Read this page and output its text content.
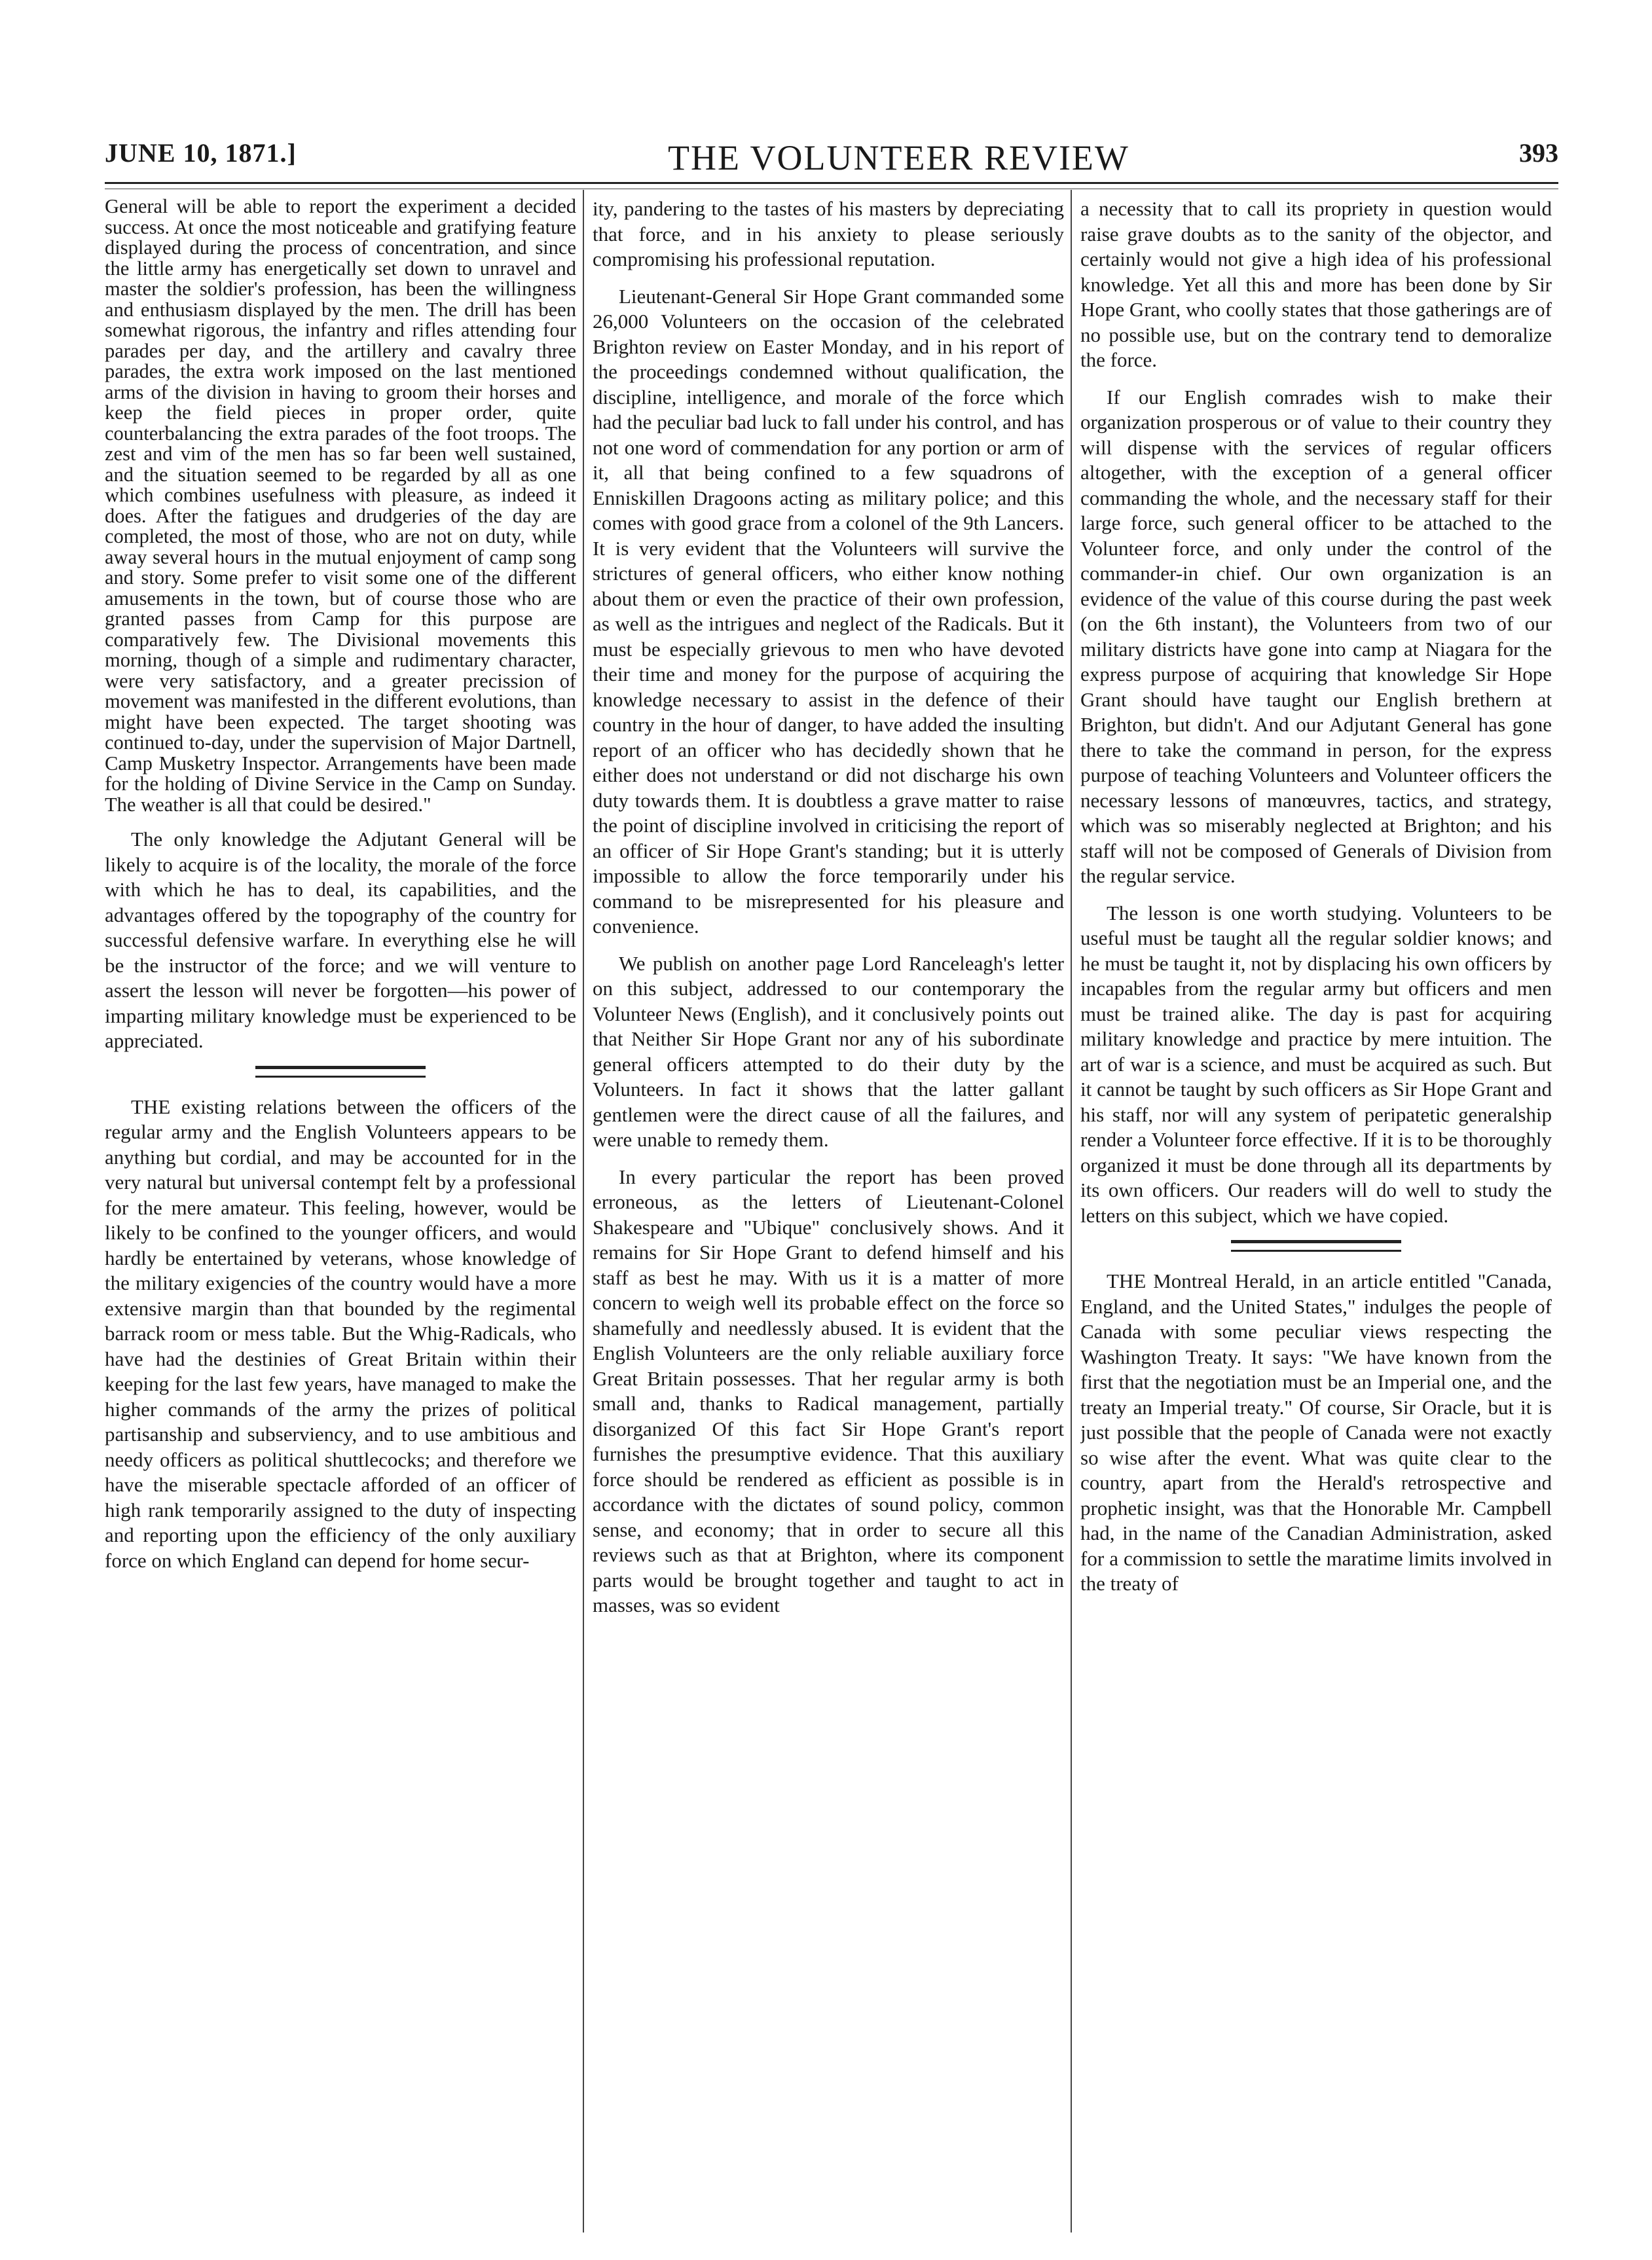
JUNE 10, 1871.]	THE VOLUNTEER REVIEW	393

General will be able to report the experiment a decided success. At once the most noticeable and gratifying feature displayed during the process of concentration, and since the little army has energetically set down to unravel and master the soldier's profession, has been the willingness and enthusiasm displayed by the men. The drill has been somewhat rigorous, the infantry and rifles attending four parades per day, and the artillery and cavalry three parades, the extra work imposed on the last mentioned arms of the division in having to groom their horses and keep the field pieces in proper order, quite counterbalancing the extra parades of the foot troops. The zest and vim of the men has so far been well sustained, and the situation seemed to be regarded by all as one which combines usefulness with pleasure, as indeed it does. After the fatigues and drudgeries of the day are completed, the most of those, who are not on duty, while away several hours in the mutual enjoyment of camp song and story. Some prefer to visit some one of the different amusements in the town, but of course those who are granted passes from Camp for this purpose are comparatively few. The Divisional movements this morning, though of a simple and rudimentary character, were very satisfactory, and a greater precission of movement was manifested in the different evolutions, than might have been expected. The target shooting was continued to-day, under the supervision of Major Dartnell, Camp Musketry Inspector. Arrangements have been made for the holding of Divine Service in the Camp on Sunday. The weather is all that could be desired."

The only knowledge the Adjutant General will be likely to acquire is of the locality, the morale of the force with which he has to deal, its capabilities, and the advantages offered by the topography of the country for successful defensive warfare. In everything else he will be the instructor of the force; and we will venture to assert the lesson will never be forgotten—his power of imparting military knowledge must be experienced to be appreciated.

THE existing relations between the officers of the regular army and the English Volunteers appears to be anything but cordial, and may be accounted for in the very natural but universal contempt felt by a professional for the mere amateur. This feeling, however, would be likely to be confined to the younger officers, and would hardly be entertained by veterans, whose knowledge of the military exigencies of the country would have a more extensive margin than that bounded by the regimental barrack room or mess table. But the Whig-Radicals, who have had the destinies of Great Britain within their keeping for the last few years, have managed to make the higher commands of the army the prizes of political partisanship and subserviency, and to use ambitious and needy officers as political shuttlecocks; and therefore we have the miserable spectacle afforded of an officer of high rank temporarily assigned to the duty of inspecting and reporting upon the efficiency of the only auxiliary force on which England can depend for home secur-

ity, pandering to the tastes of his masters by depreciating that force, and in his anxiety to please seriously compromising his professional reputation.

Lieutenant-General Sir Hope Grant commanded some 26,000 Volunteers on the occasion of the celebrated Brighton review on Easter Monday, and in his report of the proceedings condemned without qualification, the discipline, intelligence, and morale of the force which had the peculiar bad luck to fall under his control, and has not one word of commendation for any portion or arm of it, all that being confined to a few squadrons of Enniskillen Dragoons acting as military police; and this comes with good grace from a colonel of the 9th Lancers. It is very evident that the Volunteers will survive the strictures of general officers, who either know nothing about them or even the practice of their own profession, as well as the intrigues and neglect of the Radicals. But it must be especially grievous to men who have devoted their time and money for the purpose of acquiring the knowledge necessary to assist in the defence of their country in the hour of danger, to have added the insulting report of an officer who has decidedly shown that he either does not understand or did not discharge his own duty towards them. It is doubtless a grave matter to raise the point of discipline involved in criticising the report of an officer of Sir Hope Grant's standing; but it is utterly impossible to allow the force temporarily under his command to be misrepresented for his pleasure and convenience.

We publish on another page Lord Ranceleagh's letter on this subject, addressed to our contemporary the Volunteer News (English), and it conclusively points out that Neither Sir Hope Grant nor any of his subordinate general officers attempted to do their duty by the Volunteers. In fact it shows that the latter gallant gentlemen were the direct cause of all the failures, and were unable to remedy them.

In every particular the report has been proved erroneous, as the letters of Lieutenant-Colonel Shakespeare and "Ubique" conclusively shows. And it remains for Sir Hope Grant to defend himself and his staff as best he may. With us it is a matter of more concern to weigh well its probable effect on the force so shamefully and needlessly abused. It is evident that the English Volunteers are the only reliable auxiliary force Great Britain possesses. That her regular army is both small and, thanks to Radical management, partially disorganized Of this fact Sir Hope Grant's report furnishes the presumptive evidence. That this auxiliary force should be rendered as efficient as possible is in accordance with the dictates of sound policy, common sense, and economy; that in order to secure all this reviews such as that at Brighton, where its component parts would be brought together and taught to act in masses, was so evident

a necessity that to call its propriety in question would raise grave doubts as to the sanity of the objector, and certainly would not give a high idea of his professional knowledge. Yet all this and more has been done by Sir Hope Grant, who coolly states that those gatherings are of no possible use, but on the contrary tend to demoralize the force.

If our English comrades wish to make their organization prosperous or of value to their country they will dispense with the services of regular officers altogether, with the exception of a general officer commanding the whole, and the necessary staff for their large force, such general officer to be attached to the Volunteer force, and only under the control of the commander-in chief. Our own organization is an evidence of the value of this course during the past week (on the 6th instant), the Volunteers from two of our military districts have gone into camp at Niagara for the express purpose of acquiring that knowledge Sir Hope Grant should have taught our English brethern at Brighton, but didn't. And our Adjutant General has gone there to take the command in person, for the express purpose of teaching Volunteers and Volunteer officers the necessary lessons of manœuvres, tactics, and strategy, which was so miserably neglected at Brighton; and his staff will not be composed of Generals of Division from the regular service.

The lesson is one worth studying. Volunteers to be useful must be taught all the regular soldier knows; and he must be taught it, not by displacing his own officers by incapables from the regular army but officers and men must be trained alike. The day is past for acquiring military knowledge and practice by mere intuition. The art of war is a science, and must be acquired as such. But it cannot be taught by such officers as Sir Hope Grant and his staff, nor will any system of peripatetic generalship render a Volunteer force effective. If it is to be thoroughly organized it must be done through all its departments by its own officers. Our readers will do well to study the letters on this subject, which we have copied.

THE Montreal Herald, in an article entitled "Canada, England, and the United States," indulges the people of Canada with some peculiar views respecting the Washington Treaty. It says: "We have known from the first that the negotiation must be an Imperial one, and the treaty an Imperial treaty." Of course, Sir Oracle, but it is just possible that the people of Canada were not exactly so wise after the event. What was quite clear to the country, apart from the Herald's retrospective and prophetic insight, was that the Honorable Mr. Campbell had, in the name of the Canadian Administration, asked for a commission to settle the maratime limits involved in the treaty of
